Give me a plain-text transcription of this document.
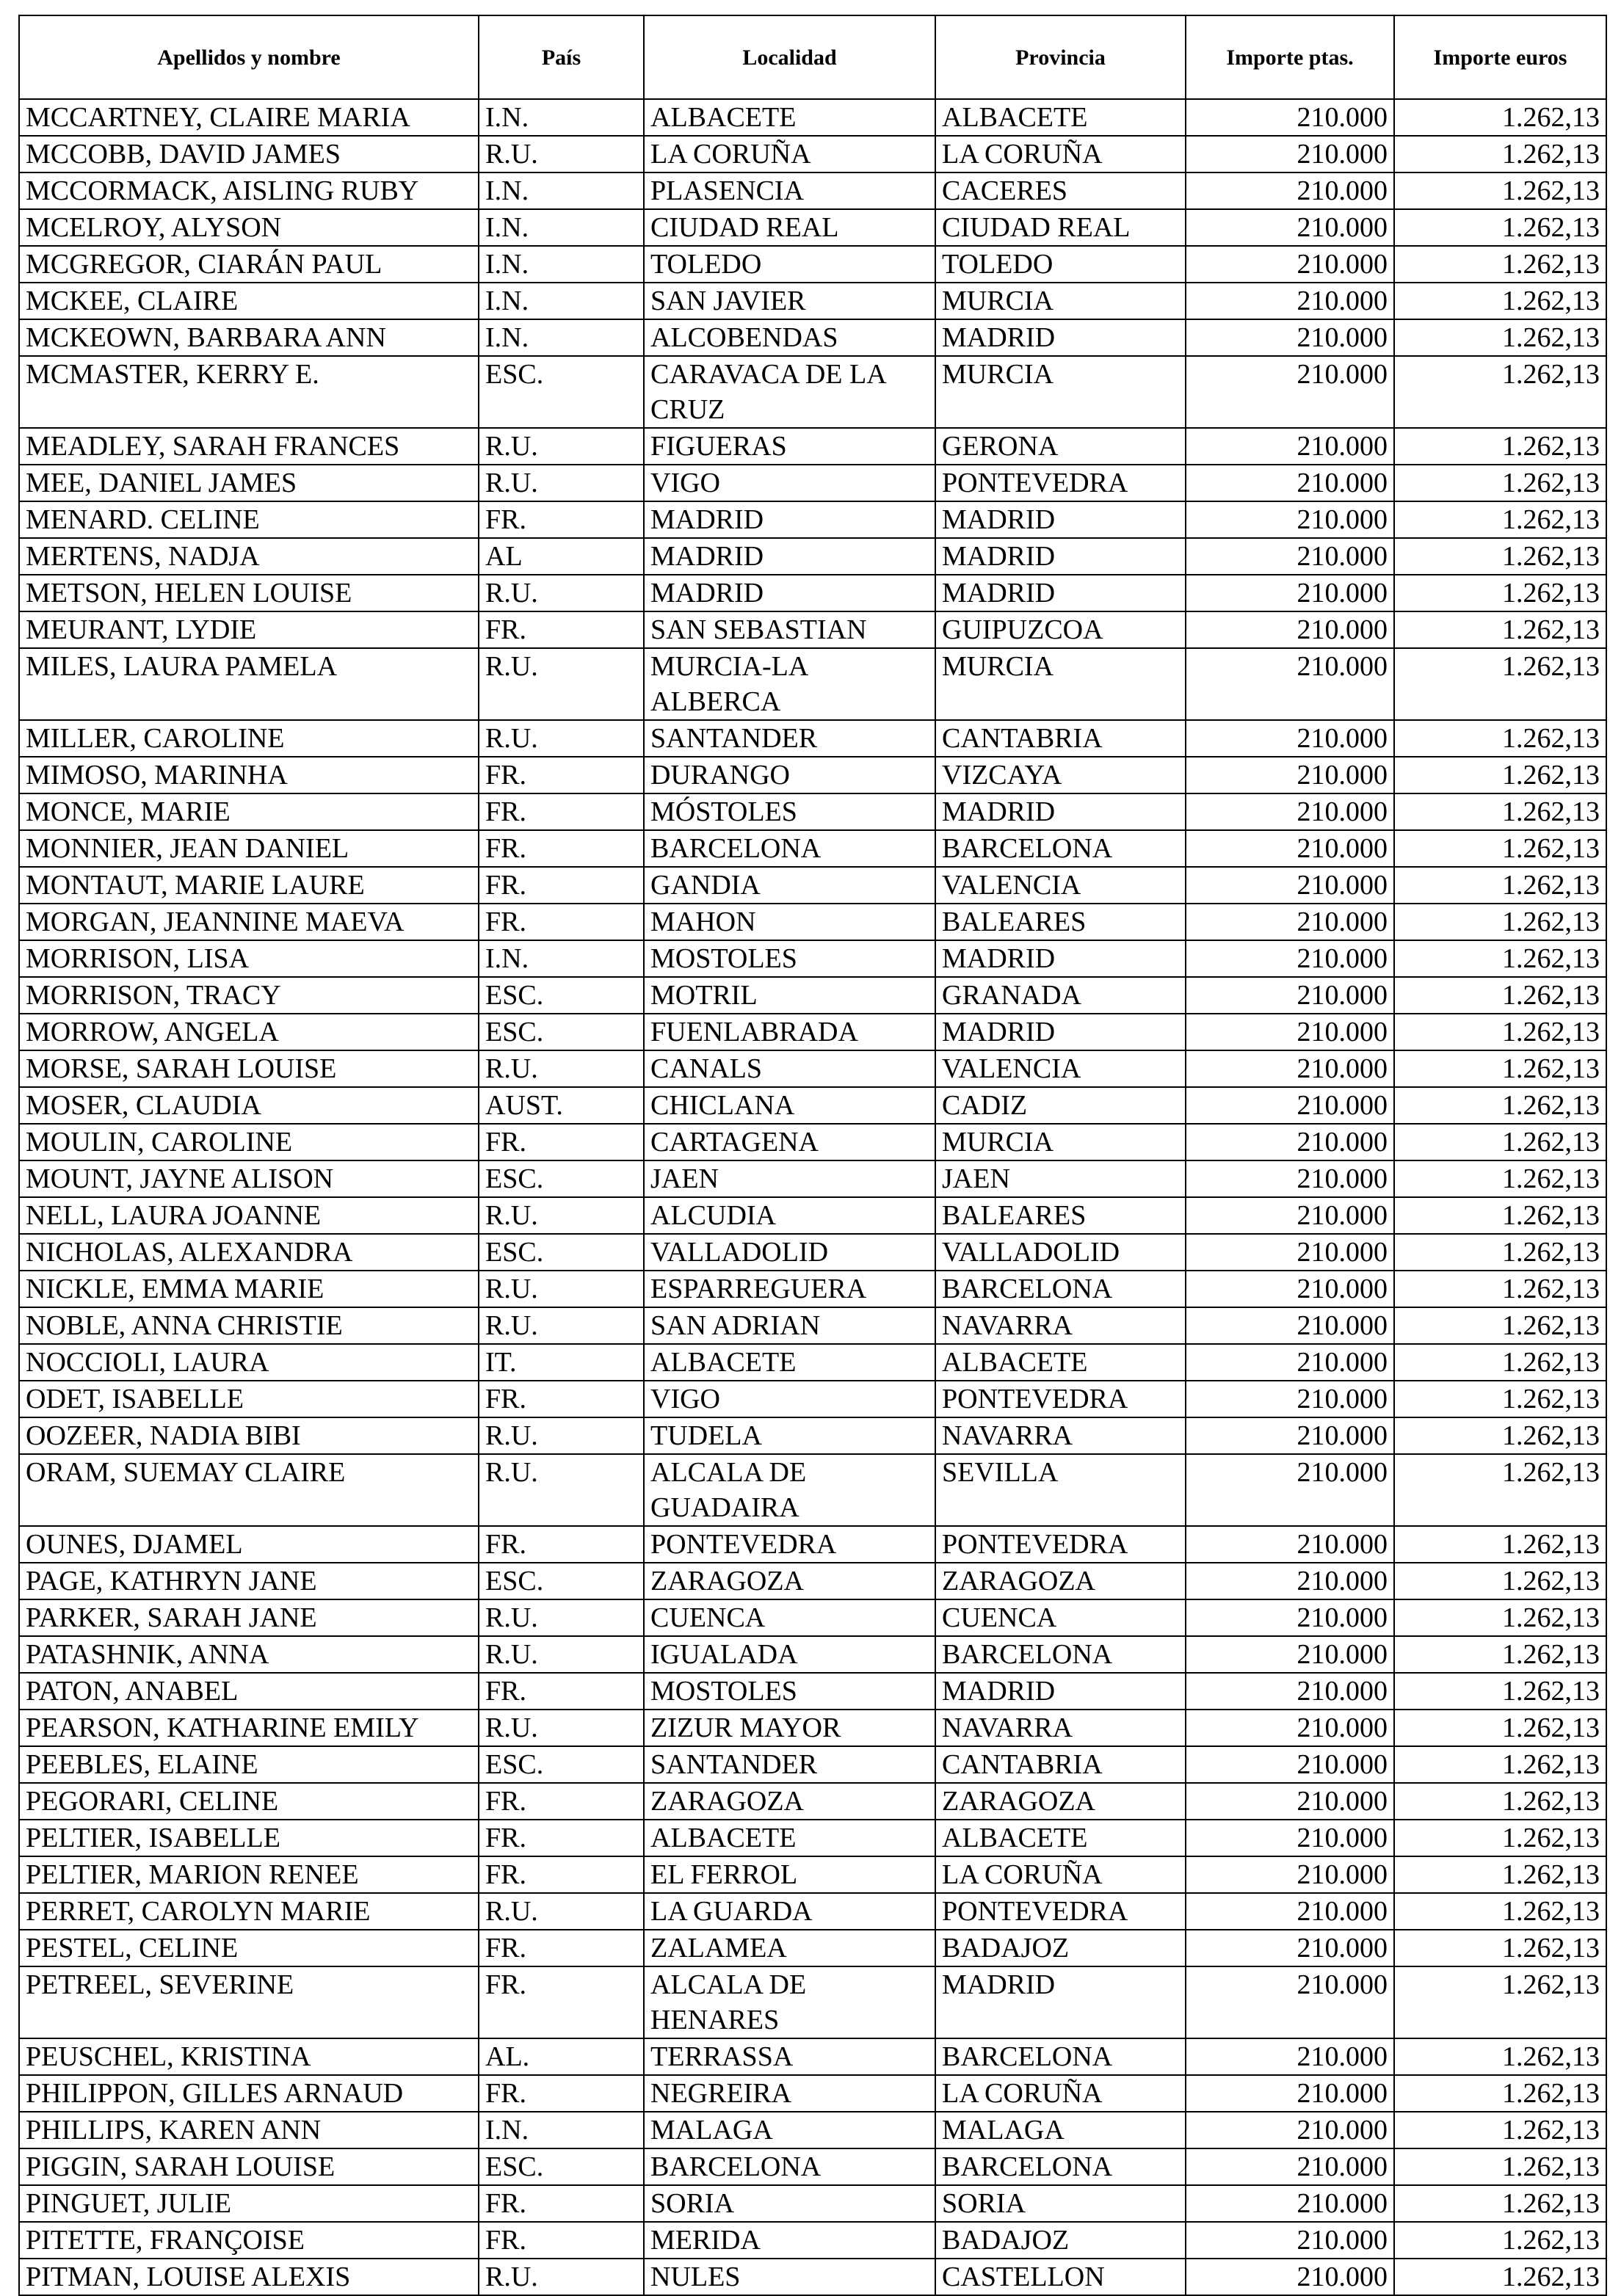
Apellidos y nombre	País	Localidad	Provincia	Importe ptas.	Importe euros
MCCARTNEY, CLAIRE MARIA	I.N.	ALBACETE	ALBACETE	210.000	1.262,13
MCCOBB, DAVID JAMES	R.U.	LA CORUÑA	LA CORUÑA	210.000	1.262,13
MCCORMACK, AISLING RUBY	I.N.	PLASENCIA	CACERES	210.000	1.262,13
MCELROY, ALYSON	I.N.	CIUDAD REAL	CIUDAD REAL	210.000	1.262,13
MCGREGOR, CIARÁN PAUL	I.N.	TOLEDO	TOLEDO	210.000	1.262,13
MCKEE, CLAIRE	I.N.	SAN JAVIER	MURCIA	210.000	1.262,13
MCKEOWN, BARBARA ANN	I.N.	ALCOBENDAS	MADRID	210.000	1.262,13
MCMASTER, KERRY E.	ESC.	CARAVACA DE LA CRUZ	MURCIA	210.000	1.262,13
MEADLEY, SARAH FRANCES	R.U.	FIGUERAS	GERONA	210.000	1.262,13
MEE, DANIEL JAMES	R.U.	VIGO	PONTEVEDRA	210.000	1.262,13
MENARD. CELINE	FR.	MADRID	MADRID	210.000	1.262,13
MERTENS, NADJA	AL	MADRID	MADRID	210.000	1.262,13
METSON, HELEN LOUISE	R.U.	MADRID	MADRID	210.000	1.262,13
MEURANT, LYDIE	FR.	SAN SEBASTIAN	GUIPUZCOA	210.000	1.262,13
MILES, LAURA PAMELA	R.U.	MURCIA-LA ALBERCA	MURCIA	210.000	1.262,13
MILLER, CAROLINE	R.U.	SANTANDER	CANTABRIA	210.000	1.262,13
MIMOSO, MARINHA	FR.	DURANGO	VIZCAYA	210.000	1.262,13
MONCE, MARIE	FR.	MÓSTOLES	MADRID	210.000	1.262,13
MONNIER, JEAN DANIEL	FR.	BARCELONA	BARCELONA	210.000	1.262,13
MONTAUT, MARIE LAURE	FR.	GANDIA	VALENCIA	210.000	1.262,13
MORGAN, JEANNINE MAEVA	FR.	MAHON	BALEARES	210.000	1.262,13
MORRISON, LISA	I.N.	MOSTOLES	MADRID	210.000	1.262,13
MORRISON, TRACY	ESC.	MOTRIL	GRANADA	210.000	1.262,13
MORROW, ANGELA	ESC.	FUENLABRADA	MADRID	210.000	1.262,13
MORSE, SARAH LOUISE	R.U.	CANALS	VALENCIA	210.000	1.262,13
MOSER, CLAUDIA	AUST.	CHICLANA	CADIZ	210.000	1.262,13
MOULIN, CAROLINE	FR.	CARTAGENA	MURCIA	210.000	1.262,13
MOUNT, JAYNE ALISON	ESC.	JAEN	JAEN	210.000	1.262,13
NELL, LAURA JOANNE	R.U.	ALCUDIA	BALEARES	210.000	1.262,13
NICHOLAS, ALEXANDRA	ESC.	VALLADOLID	VALLADOLID	210.000	1.262,13
NICKLE, EMMA MARIE	R.U.	ESPARREGUERA	BARCELONA	210.000	1.262,13
NOBLE, ANNA CHRISTIE	R.U.	SAN ADRIAN	NAVARRA	210.000	1.262,13
NOCCIOLI, LAURA	IT.	ALBACETE	ALBACETE	210.000	1.262,13
ODET, ISABELLE	FR.	VIGO	PONTEVEDRA	210.000	1.262,13
OOZEER, NADIA BIBI	R.U.	TUDELA	NAVARRA	210.000	1.262,13
ORAM, SUEMAY CLAIRE	R.U.	ALCALA DE GUADAIRA	SEVILLA	210.000	1.262,13
OUNES, DJAMEL	FR.	PONTEVEDRA	PONTEVEDRA	210.000	1.262,13
PAGE, KATHRYN JANE	ESC.	ZARAGOZA	ZARAGOZA	210.000	1.262,13
PARKER, SARAH JANE	R.U.	CUENCA	CUENCA	210.000	1.262,13
PATASHNIK, ANNA	R.U.	IGUALADA	BARCELONA	210.000	1.262,13
PATON, ANABEL	FR.	MOSTOLES	MADRID	210.000	1.262,13
PEARSON, KATHARINE EMILY	R.U.	ZIZUR MAYOR	NAVARRA	210.000	1.262,13
PEEBLES, ELAINE	ESC.	SANTANDER	CANTABRIA	210.000	1.262,13
PEGORARI, CELINE	FR.	ZARAGOZA	ZARAGOZA	210.000	1.262,13
PELTIER, ISABELLE	FR.	ALBACETE	ALBACETE	210.000	1.262,13
PELTIER, MARION RENEE	FR.	EL FERROL	LA CORUÑA	210.000	1.262,13
PERRET, CAROLYN MARIE	R.U.	LA GUARDA	PONTEVEDRA	210.000	1.262,13
PESTEL, CELINE	FR.	ZALAMEA	BADAJOZ	210.000	1.262,13
PETREEL, SEVERINE	FR.	ALCALA DE HENARES	MADRID	210.000	1.262,13
PEUSCHEL, KRISTINA	AL.	TERRASSA	BARCELONA	210.000	1.262,13
PHILIPPON, GILLES ARNAUD	FR.	NEGREIRA	LA CORUÑA	210.000	1.262,13
PHILLIPS, KAREN ANN	I.N.	MALAGA	MALAGA	210.000	1.262,13
PIGGIN, SARAH LOUISE	ESC.	BARCELONA	BARCELONA	210.000	1.262,13
PINGUET, JULIE	FR.	SORIA	SORIA	210.000	1.262,13
PITETTE, FRANÇOISE	FR.	MERIDA	BADAJOZ	210.000	1.262,13
PITMAN, LOUISE ALEXIS	R.U.	NULES	CASTELLON	210.000	1.262,13
